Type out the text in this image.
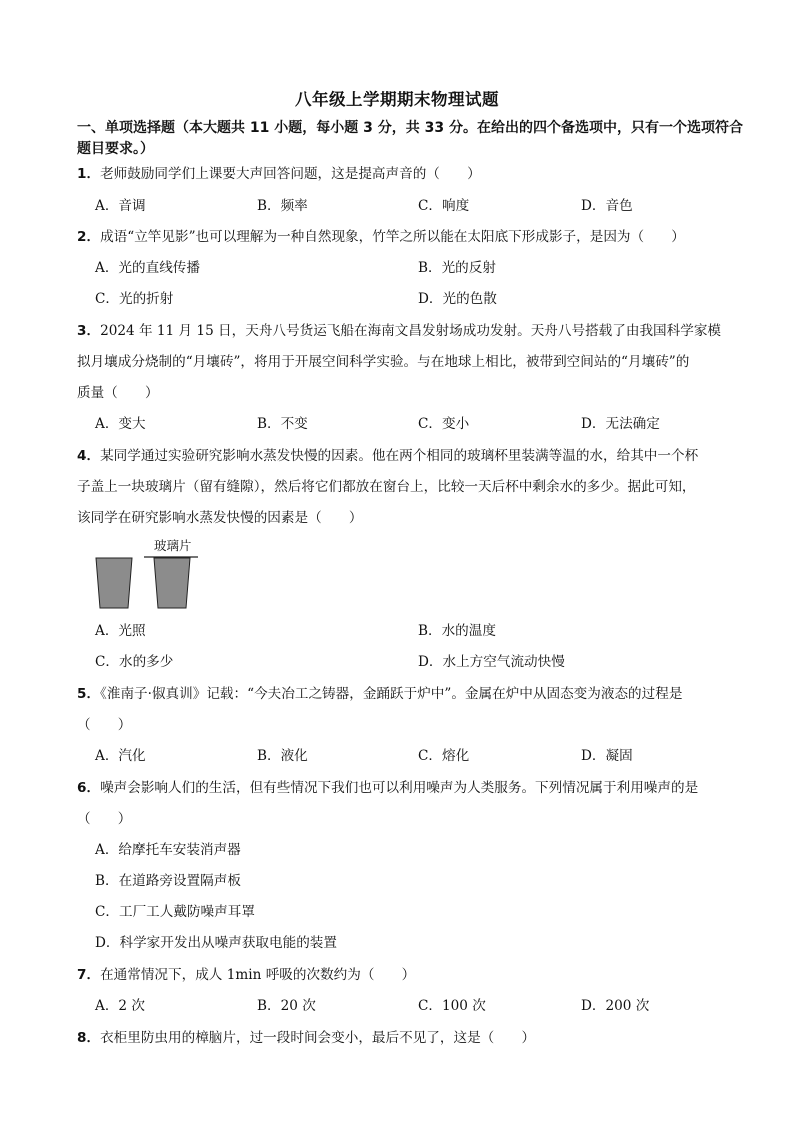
八年级上学期期末物理试题
一、单项选择题（本大题共 11 小题，每小题 3 分，共 33 分。在给出的四个备选项中，只有一个选项符合题目要求。）
1．老师鼓励同学们上课要大声回答问题，这是提高声音的（　　）
A．音调	B．频率	C．响度	D．音色
2．成语“立竿见影”也可以理解为一种自然现象，竹竿之所以能在太阳底下形成影子，是因为（　　）
A．光的直线传播	B．光的反射
C．光的折射	D．光的色散
3．2024 年 11 月 15 日，天舟八号货运飞船在海南文昌发射场成功发射。天舟八号搭载了由我国科学家模
拟月壤成分烧制的“月壤砖”，将用于开展空间科学实验。与在地球上相比，被带到空间站的“月壤砖”的
质量（　　）
A．变大	B．不变	C．变小	D．无法确定
4．某同学通过实验研究影响水蒸发快慢的因素。他在两个相同的玻璃杯里装满等温的水，给其中一个杯
子盖上一块玻璃片（留有缝隙），然后将它们都放在窗台上，比较一天后杯中剩余水的多少。据此可知，
该同学在研究影响水蒸发快慢的因素是（　　）
玻璃片
A．光照	B．水的温度
C．水的多少	D．水上方空气流动快慢
5．《淮南子·俶真训》记载：“今夫冶工之铸器，金踊跃于炉中”。金属在炉中从固态变为液态的过程是
（　　）
A．汽化	B．液化	C．熔化	D．凝固
6．噪声会影响人们的生活，但有些情况下我们也可以利用噪声为人类服务。下列情况属于利用噪声的是
（　　）
A．给摩托车安装消声器
B．在道路旁设置隔声板
C．工厂工人戴防噪声耳罩
D．科学家开发出从噪声获取电能的装置
7．在通常情况下，成人 1min 呼吸的次数约为（　　）
A．2 次	B．20 次	C．100 次	D．200 次
8．衣柜里防虫用的樟脑片，过一段时间会变小，最后不见了，这是（　　）
